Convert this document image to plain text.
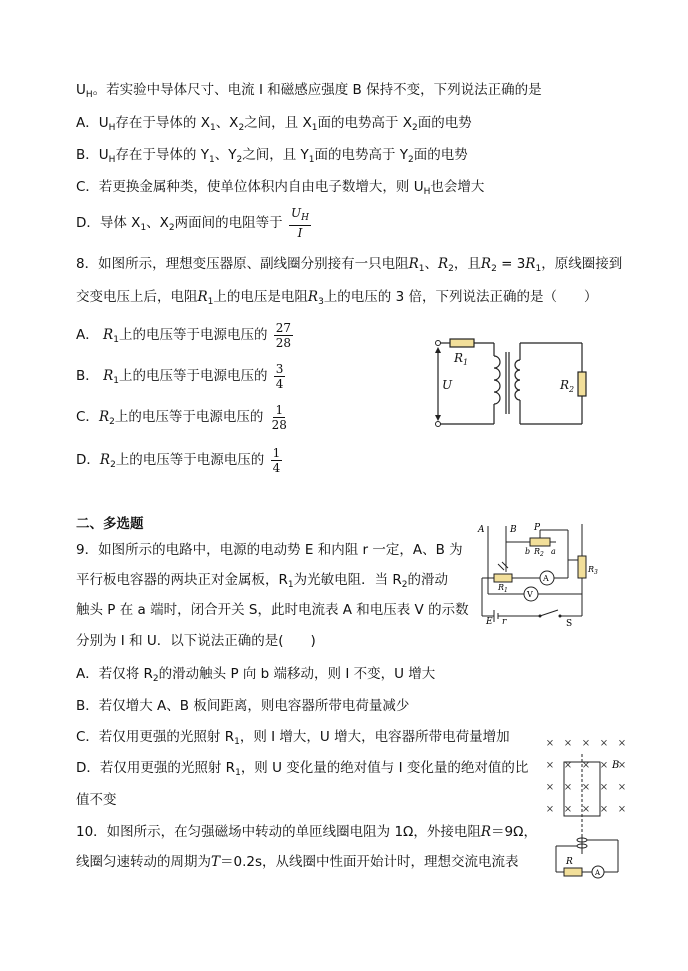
$U_H$。若实验中导体尺寸、电流 I 和磁感应强度 B 保持不变，下列说法正确的是
A．$U_H$存在于导体的 $X_1$、$X_2$之间，且 $X_1$面的电势高于 $X_2$面的电势
B．$U_H$存在于导体的 $Y_1$、$Y_2$之间，且 $Y_1$面的电势高于 $Y_2$面的电势
C．若更换金属种类，使单位体积内自由电子数增大，则 $U_H$也会增大
D．导体 $X_1$、$X_2$两面间的电阻等于 $\frac{U_H}{I}$
8．如图所示，理想变压器原、副线圈分别接有一只电阻$R_1$、$R_2$，且$R_2 = 3R_1$，原线圈接到
交变电压上后，电阻$R_1$上的电压是电阻$R_3$上的电压的 3 倍，下列说法正确的是（　　）
A． $R_1$上的电压等于电源电压的 $\frac{27}{28}$
B． $R_1$上的电压等于电源电压的 $\frac{3}{4}$
C．$R_2$上的电压等于电源电压的 $\frac{1}{28}$
D．$R_2$上的电压等于电源电压的 $\frac{1}{4}$
$R_1$
U	$R_2$
二、多选题
9．如图所示的电路中，电源的电动势 E 和内阻 r 一定，A、B 为
平行板电容器的两块正对金属板，$R_1$为光敏电阻．当 $R_2$的滑动
触头 P 在 a 端时，闭合开关 S，此时电流表 A 和电压表 V 的示数
分别为 I 和 U．以下说法正确的是(　　)
A．若仅将 $R_2$的滑动触头 P 向 b 端移动，则 I 不变，U 增大
B．若仅增大 A、B 板间距离，则电容器所带电荷量减少
C．若仅用更强的光照射 $R_1$，则 I 增大，U 增大，电容器所带电荷量增加
D．若仅用更强的光照射 $R_1$，则 U 变化量的绝对值与 I 变化量的绝对值的比
值不变
A	B P
b $R_2$ a
$R_3$
$R_1$
A
V
E r	S
10．如图所示，在匀强磁场中转动的单匝线圈电阻为 1Ω，外接电阻R＝9Ω，
线圈匀速转动的周期为T＝0.2s，从线圈中性面开始计时，理想交流电流表
× × × × ×
× × × × ×
× × × × ×
× × × × ×
B
R
A
